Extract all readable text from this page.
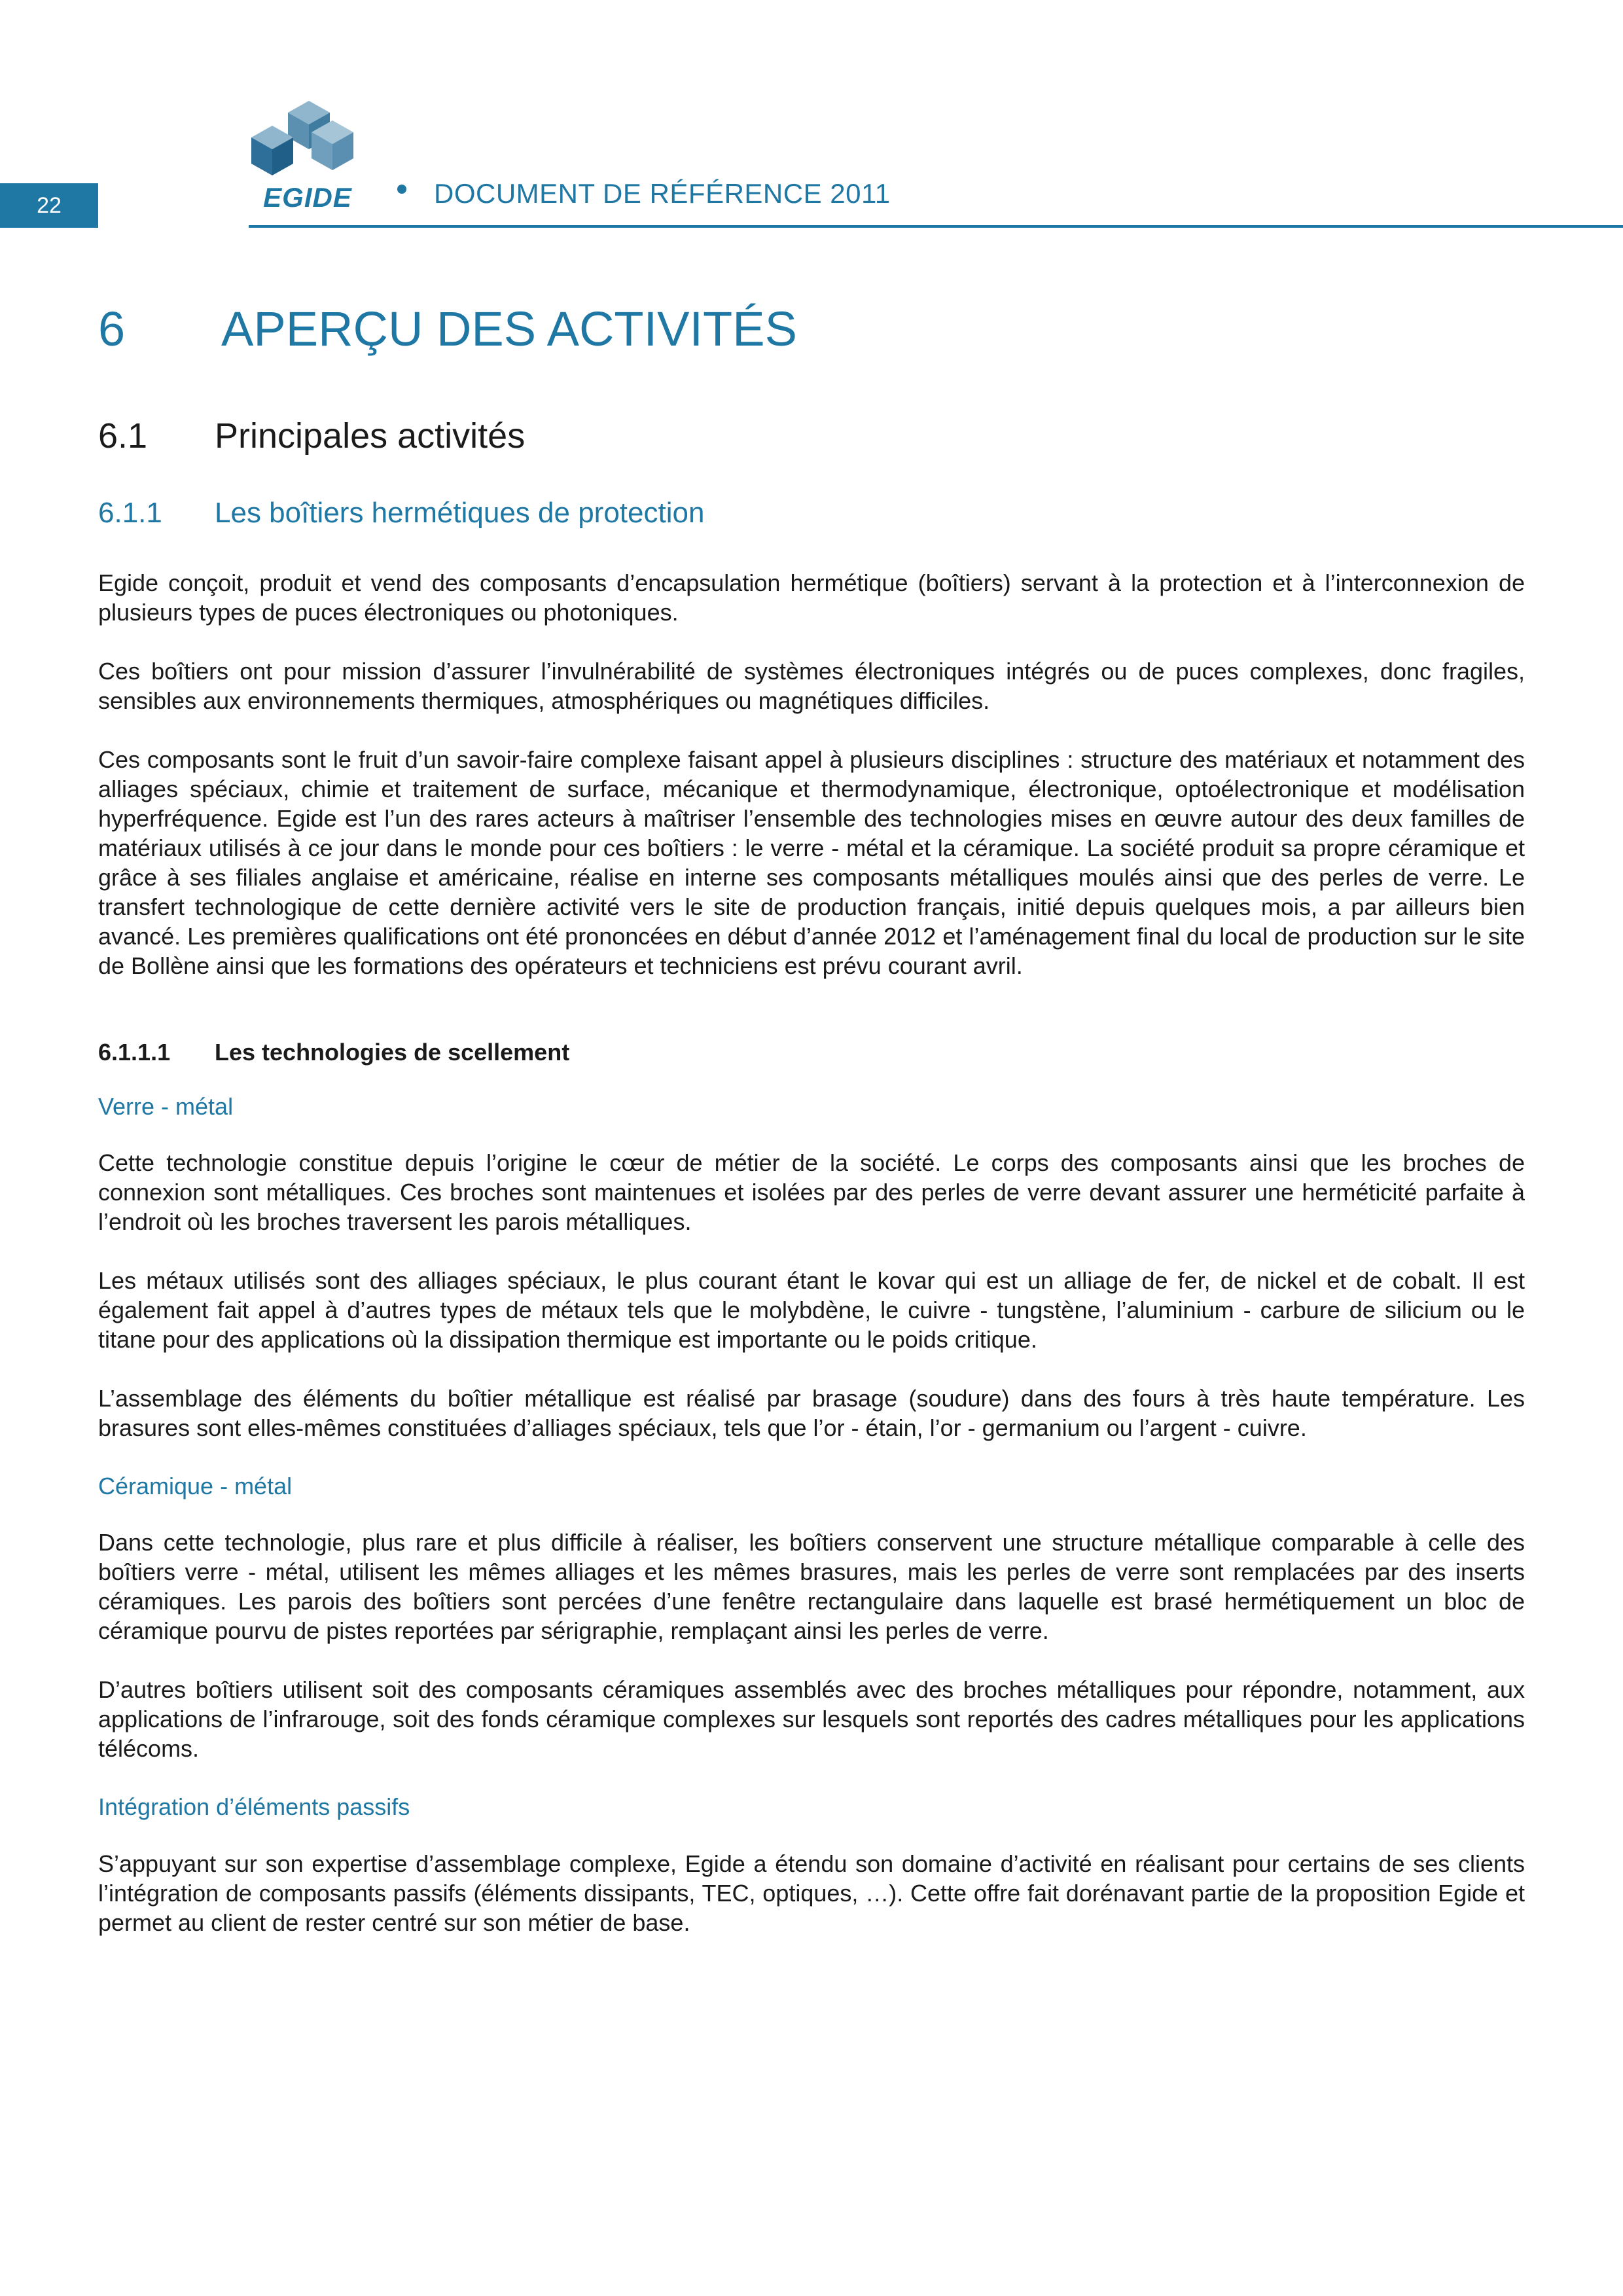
22	EGIDE	DOCUMENT DE RÉFÉRENCE 2011
6	APERÇU DES ACTIVITÉS
6.1	Principales activités
6.1.1	Les boîtiers hermétiques de protection

Egide conçoit, produit et vend des composants d’encapsulation hermétique (boîtiers) servant à la protection et à l’interconnexion de plusieurs types de puces électroniques ou photoniques.

Ces boîtiers ont pour mission d’assurer l’invulnérabilité de systèmes électroniques intégrés ou de puces complexes, donc fragiles, sensibles aux environnements thermiques, atmosphériques ou magnétiques difficiles.

Ces composants sont le fruit d’un savoir-faire complexe faisant appel à plusieurs disciplines : structure des matériaux et notamment des alliages spéciaux, chimie et traitement de surface, mécanique et thermodynamique, électronique, optoélectronique et modélisation hyperfréquence. Egide est l’un des rares acteurs à maîtriser l’ensemble des technologies mises en œuvre autour des deux familles de matériaux utilisés à ce jour dans le monde pour ces boîtiers : le verre - métal et la céramique. La société produit sa propre céramique et grâce à ses filiales anglaise et américaine, réalise en interne ses composants métalliques moulés ainsi que des perles de verre. Le transfert technologique de cette dernière activité vers le site de production français, initié depuis quelques mois, a par ailleurs bien avancé. Les premières qualifications ont été prononcées en début d’année 2012 et l’aménagement final du local de production sur le site de Bollène ainsi que les formations des opérateurs et techniciens est prévu courant avril.

6.1.1.1	Les technologies de scellement
Verre - métal

Cette technologie constitue depuis l’origine le cœur de métier de la société. Le corps des composants ainsi que les broches de connexion sont métalliques. Ces broches sont maintenues et isolées par des perles de verre devant assurer une herméticité parfaite à l’endroit où les broches traversent les parois métalliques.

Les métaux utilisés sont des alliages spéciaux, le plus courant étant le kovar qui est un alliage de fer, de nickel et de cobalt. Il est également fait appel à d’autres types de métaux tels que le molybdène, le cuivre - tungstène, l’aluminium - carbure de silicium ou le titane pour des applications où la dissipation thermique est importante ou le poids critique.

L’assemblage des éléments du boîtier métallique est réalisé par brasage (soudure) dans des fours à très haute température. Les brasures sont elles-mêmes constituées d’alliages spéciaux, tels que l’or - étain, l’or - germanium ou l’argent - cuivre.

Céramique - métal

Dans cette technologie, plus rare et plus difficile à réaliser, les boîtiers conservent une structure métallique comparable à celle des boîtiers verre - métal, utilisent les mêmes alliages et les mêmes brasures, mais les perles de verre sont remplacées par des inserts céramiques. Les parois des boîtiers sont percées d’une fenêtre rectangulaire dans laquelle est brasé hermétiquement un bloc de céramique pourvu de pistes reportées par sérigraphie, remplaçant ainsi les perles de verre.

D’autres boîtiers utilisent soit des composants céramiques assemblés avec des broches métalliques pour répondre, notamment, aux applications de l’infrarouge, soit des fonds céramique complexes sur lesquels sont reportés des cadres métalliques pour les applications télécoms.

Intégration d’éléments passifs

S’appuyant sur son expertise d’assemblage complexe, Egide a étendu son domaine d’activité en réalisant pour certains de ses clients l’intégration de composants passifs (éléments dissipants, TEC, optiques, …). Cette offre fait dorénavant partie de la proposition Egide et permet au client de rester centré sur son métier de base.
